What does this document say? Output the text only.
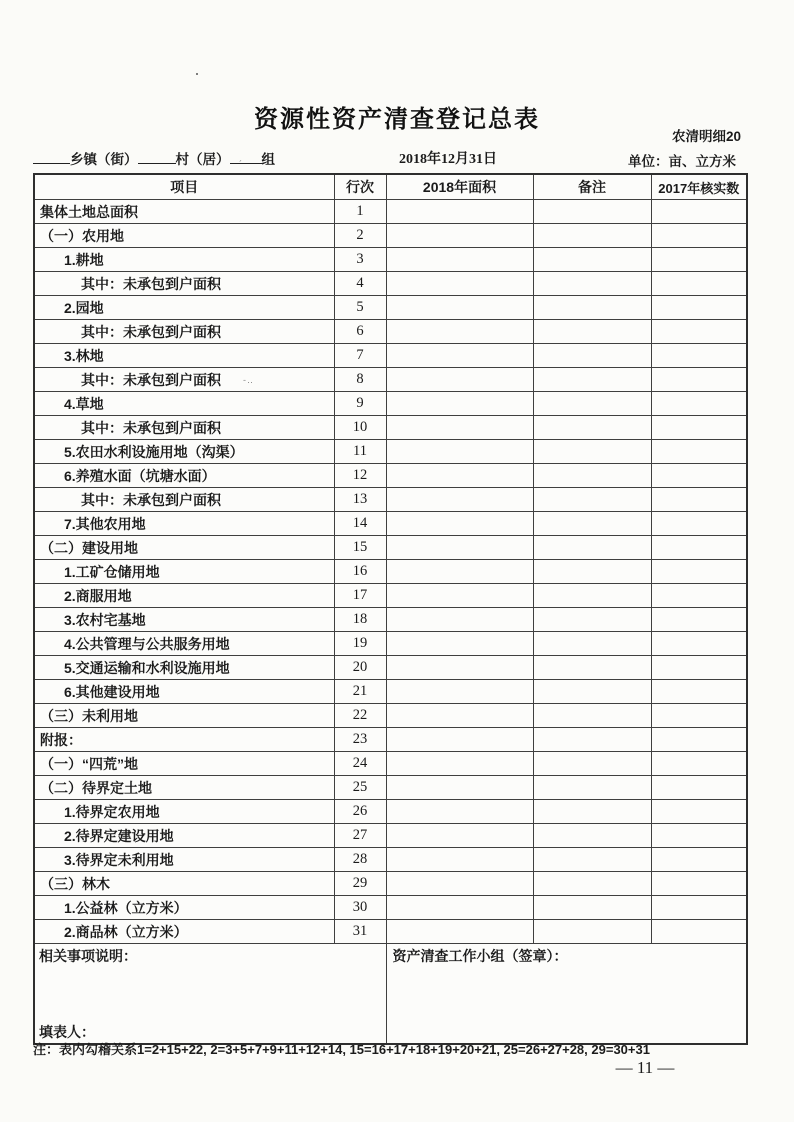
资源性资产清查登记总表
农清明细20
乡镇（街）	村（居） ˏ 组	2018年12月31日	单位：亩、立方米
项目	行次	2018年面积	备注	2017年核实数
集体土地总面积	1			
（一）农用地	2			
1.耕地	3			
其中：未承包到户面积	4			
2.园地	5			
其中：未承包到户面积	6			
3.林地	7			
其中：未承包到户面积 -‥	8			
4.草地	9			
其中：未承包到户面积	10			
5.农田水利设施用地（沟渠）	11			
6.养殖水面（坑塘水面）	12			
其中：未承包到户面积	13			
7.其他农用地	14			
（二）建设用地	15			
1.工矿仓储用地	16			
2.商服用地	17			
3.农村宅基地	18			
4.公共管理与公共服务用地	19			
5.交通运输和水利设施用地	20			
6.其他建设用地	21			
（三）未利用地	22			
附报：	23			
（一）“四荒”地	24			
（二）待界定土地	25			
1.待界定农用地	26			
2.待界定建设用地	27			
3.待界定未利用地	28			
（三）林木	29			
1.公益林（立方米）	30			
2.商品林（立方米）	31			

相关事项说明：
填表人：		资产清查工作小组（签章）：		
注：表内勾稽关系1=2+15+22, 2=3+5+7+9+11+12+14, 15=16+17+18+19+20+21, 25=26+27+28, 29=30+31
— 11 —
